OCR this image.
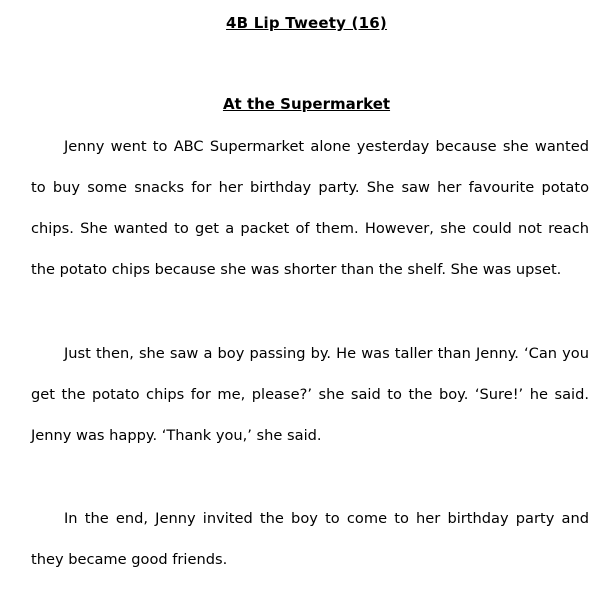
4B Lip Tweety (16)
At the Supermarket

Jenny went to ABC Supermarket alone yesterday because she wanted to buy some snacks for her birthday party. She saw her favourite potato chips. She wanted to get a packet of them. However, she could not reach the potato chips because she was shorter than the shelf. She was upset.

Just then, she saw a boy passing by. He was taller than Jenny. ‘Can you get the potato chips for me, please?’ she said to the boy. ‘Sure!’ he said. Jenny was happy. ‘Thank you,’ she said.

In the end, Jenny invited the boy to come to her birthday party and they became good friends.
